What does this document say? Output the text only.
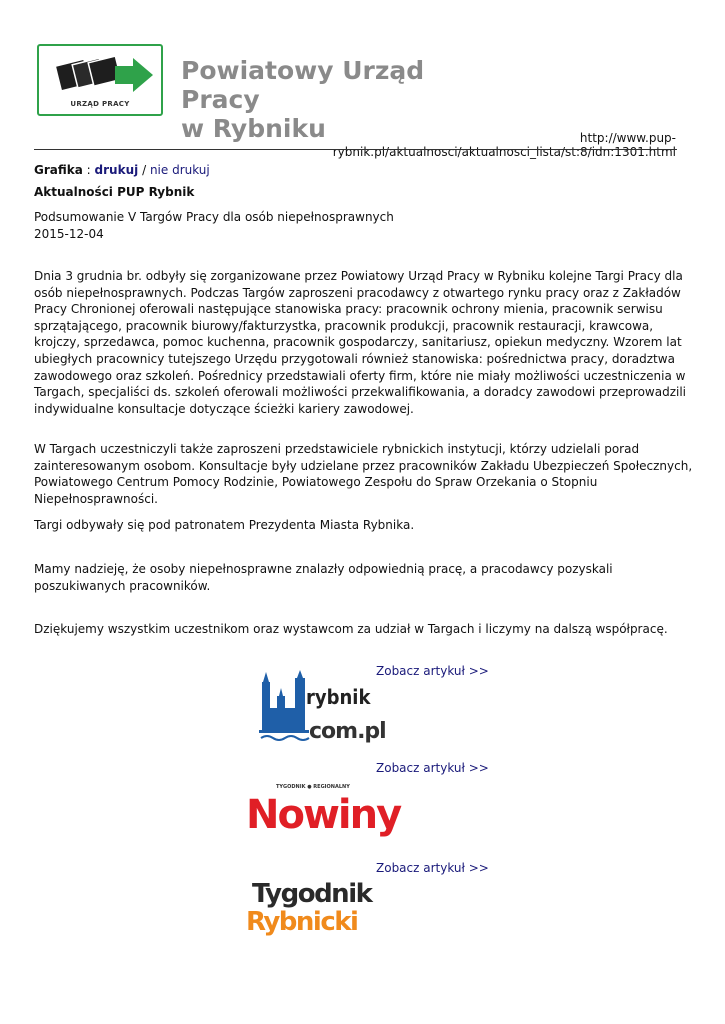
URZĄD PRACY
Powiatowy Urząd Pracy
w Rybniku	http://www.pup-rybnik.pl/aktualnosci/aktualnosci_lista/st:8/idn:1301.html
Grafika : drukuj / nie drukuj
Aktualności PUP Rybnik
Podsumowanie V Targów Pracy dla osób niepełnosprawnych
2015-12-04

Dnia 3 grudnia br. odbyły się zorganizowane przez Powiatowy Urząd Pracy w Rybniku kolejne Targi Pracy dla osób niepełnosprawnych. Podczas Targów zaproszeni pracodawcy z otwartego rynku pracy oraz z Zakładów Pracy Chronionej oferowali następujące stanowiska pracy: pracownik ochrony mienia, pracownik serwisu sprzątającego, pracownik biurowy/fakturzystka, pracownik produkcji, pracownik restauracji, krawcowa, krojczy, sprzedawca, pomoc kuchenna, pracownik gospodarczy, sanitariusz, opiekun medyczny. Wzorem lat ubiegłych pracownicy tutejszego Urzędu przygotowali również stanowiska: pośrednictwa pracy, doradztwa zawodowego oraz szkoleń. Pośrednicy przedstawiali oferty firm, które nie miały możliwości uczestniczenia w Targach, specjaliści ds. szkoleń oferowali możliwości przekwalifikowania, a doradcy zawodowi przeprowadzili indywidualne konsultacje dotyczące ścieżki kariery zawodowej.

W Targach uczestniczyli także zaproszeni przedstawiciele rybnickich instytucji, którzy udzielali porad zainteresowanym osobom. Konsultacje były udzielane przez pracowników Zakładu Ubezpieczeń Społecznych, Powiatowego Centrum Pomocy Rodzinie, Powiatowego Zespołu do Spraw Orzekania o Stopniu Niepełnosprawności.

Targi odbywały się pod patronatem Prezydenta Miasta Rybnika.

Mamy nadzieję, że osoby niepełnosprawne znalazły odpowiednią pracę, a pracodawcy pozyskali poszukiwanych pracowników.

Dziękujemy wszystkim uczestnikom oraz wystawcom za udział w Targach i liczymy na dalszą współpracę.

Zobacz artykuł >>
Zobacz artykuł >>
Zobacz artykuł >>
rybnik
com.pl
TYGODNIK ● REGIONALNY
Nowiny
Tygodnik
Rybnicki
